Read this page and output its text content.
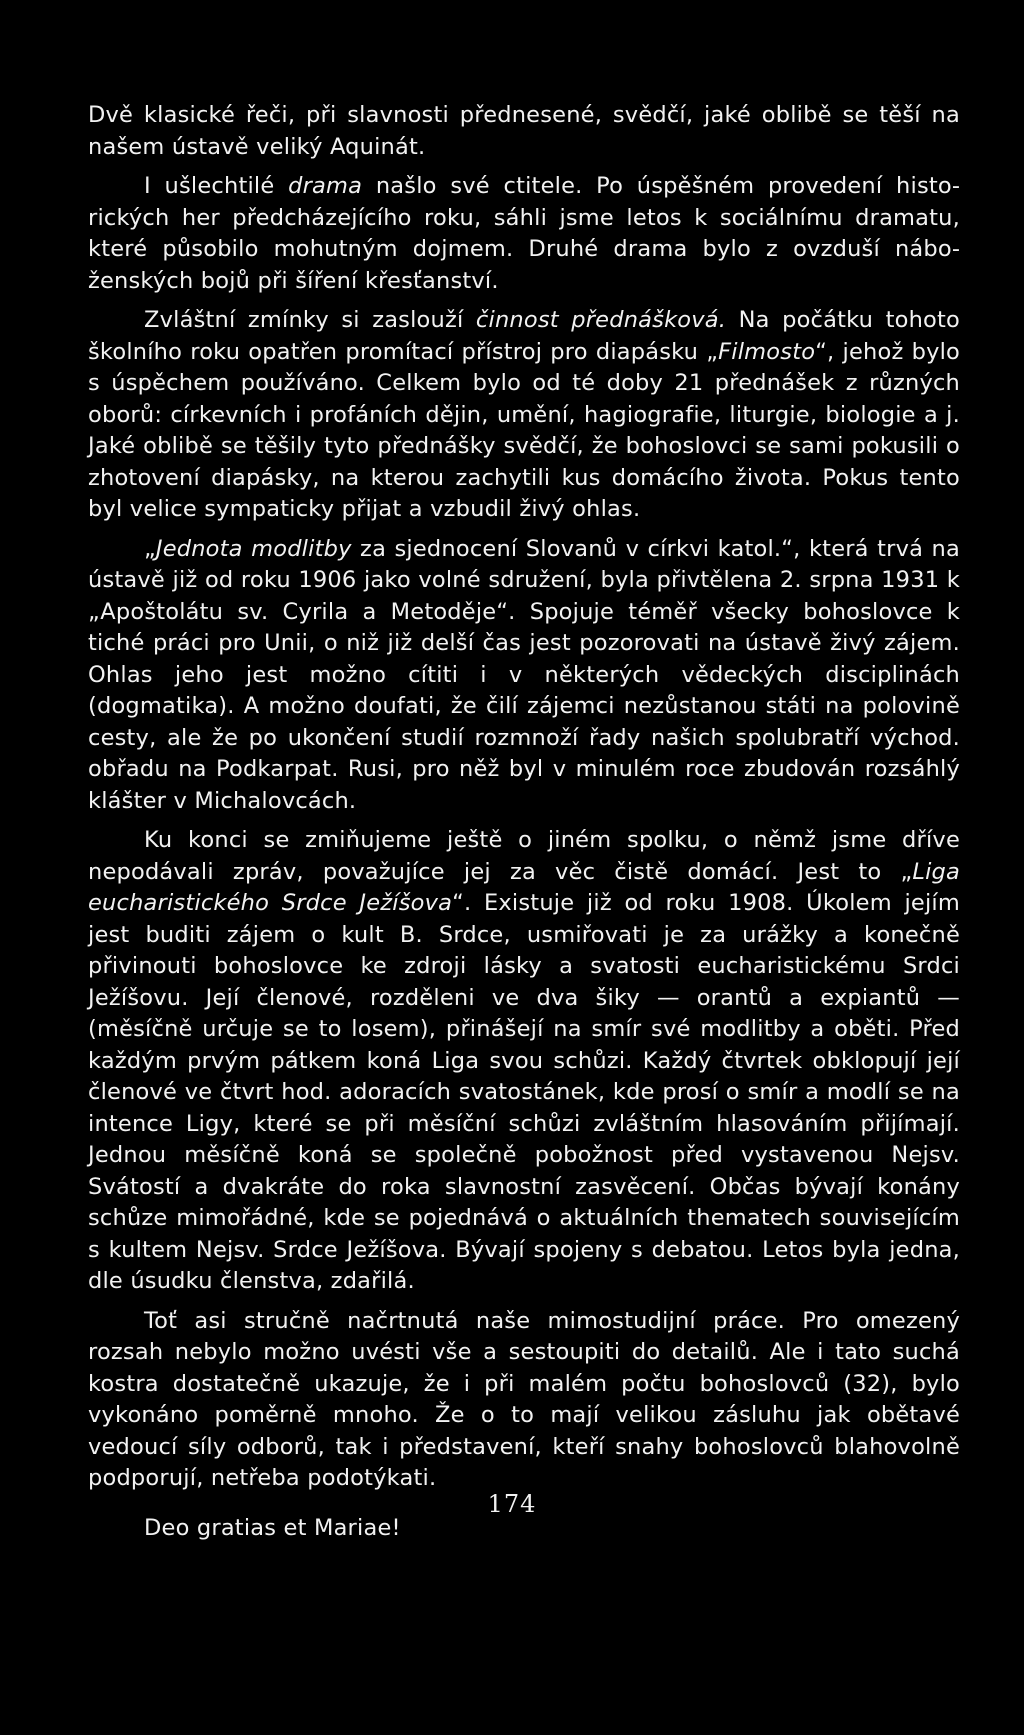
Dvě klasické řeči, při slavnosti přednesené, svědčí, jaké oblibě se těší na našem ústavě veliký Aquinát.

I ušlechtilé drama našlo své ctitele. Po úspěšném provedení historických her předcházejícího roku, sáhli jsme letos k sociálnímu dramatu, které působilo mohutným dojmem. Druhé drama bylo z ovzduší náboženských bojů při šíření křesťanství.

Zvláštní zmínky si zaslouží činnost přednášková. Na počátku tohoto školního roku opatřen promítací přístroj pro diapásku „Filmosto“, jehož bylo s úspěchem používáno. Celkem bylo od té doby 21 přednášek z různých oborů: církevních i profáních dějin, umění, hagiografie, liturgie, biologie a j. Jaké oblibě se těšily tyto přednášky svědčí, že bohoslovci se sami pokusili o zhotovení diapásky, na kterou zachytili kus domácího života. Pokus tento byl velice sympaticky přijat a vzbudil živý ohlas.

„Jednota modlitby za sjednocení Slovanů v církvi katol.“, která trvá na ústavě již od roku 1906 jako volné sdružení, byla přivtělena 2. srpna 1931 k „Apoštolátu sv. Cyrila a Metoděje“. Spojuje téměř všecky bohoslovce k tiché práci pro Unii, o niž již delší čas jest pozorovati na ústavě živý zájem. Ohlas jeho jest možno cítiti i v některých vědeckých disciplinách (dogmatika). A možno doufati, že čilí zájemci nezůstanou státi na polovině cesty, ale že po ukončení studií rozmnoží řady našich spolubratří východ. obřadu na Podkarpat. Rusi, pro něž byl v minulém roce zbudován rozsáhlý klášter v Michalovcách.

Ku konci se zmiňujeme ještě o jiném spolku, o němž jsme dříve nepodávali zpráv, považujíce jej za věc čistě domácí. Jest to „Liga eucharistického Srdce Ježíšova“. Existuje již od roku 1908. Úkolem jejím jest buditi zájem o kult B. Srdce, usmiřovati je za urážky a konečně přivinouti bohoslovce ke zdroji lásky a svatosti eucharistickému Srdci Ježíšovu. Její členové, rozděleni ve dva šiky — orantů a expiantů — (měsíčně určuje se to losem), přinášejí na smír své modlitby a oběti. Před každým prvým pátkem koná Liga svou schůzi. Každý čtvrtek obklopují její členové ve čtvrt hod. adoracích svatostánek, kde prosí o smír a modlí se na intence Ligy, které se při měsíční schůzi zvláštním hlasováním přijímají. Jednou měsíčně koná se společně pobožnost před vystavenou Nejsv. Svátostí a dvakráte do roka slavnostní zasvěcení. Občas bývají konány schůze mimořádné, kde se pojednává o aktuálních thematech souvisejícím s kultem Nejsv. Srdce Ježíšova. Bývají spojeny s debatou. Letos byla jedna, dle úsudku členstva, zdařilá.

Toť asi stručně načrtnutá naše mimostudijní práce. Pro omezený rozsah nebylo možno uvésti vše a sestoupiti do detailů. Ale i tato suchá kostra dostatečně ukazuje, že i při malém počtu bohoslovců (32), bylo vykonáno poměrně mnoho. Že o to mají velikou zásluhu jak obětavé vedoucí síly odborů, tak i představení, kteří snahy bohoslovců blahovolně podporují, netřeba podotýkati.

Deo gratias et Mariae!

174
